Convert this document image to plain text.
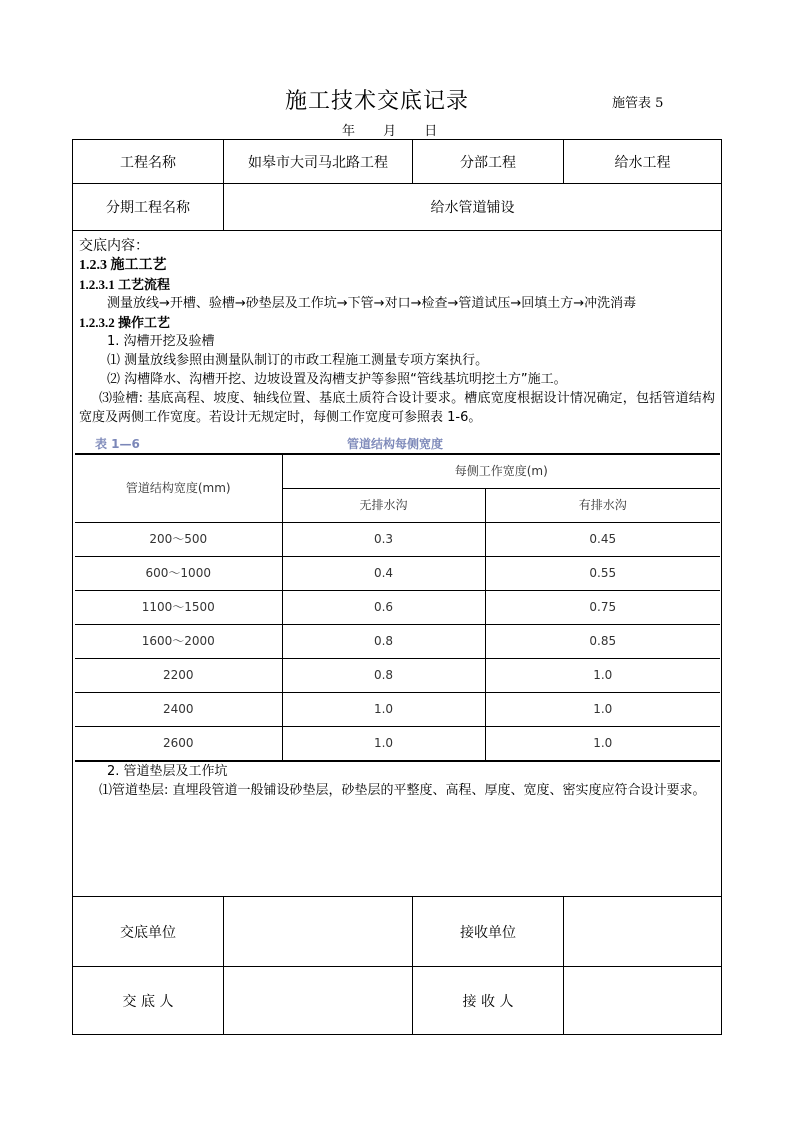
施工技术交底记录	施管表 5
年 月 日
工程名称	如皋市大司马北路工程	分部工程	给水工程
分期工程名称	给水管道铺设

交底内容：
1.2.3 施工工艺
1.2.3.1 工艺流程
测量放线→开槽、验槽→砂垫层及工作坑→下管→对口→检查→管道试压→回填土方→冲洗消毒
1.2.3.2 操作工艺
1. 沟槽开挖及验槽
⑴ 测量放线参照由测量队制订的市政工程施工测量专项方案执行。
⑵ 沟槽降水、沟槽开挖、边坡设置及沟槽支护等参照“管线基坑明挖土方”施工。
⑶验槽: 基底高程、坡度、轴线位置、基底土质符合设计要求。槽底宽度根据设计情况确定，包括管道结构宽度及两侧工作宽度。若设计无规定时，每侧工作宽度可参照表 1-6。
表 1—6	管道结构每侧宽度
管道结构宽度(mm)	每侧工作宽度(m)
无排水沟	有排水沟
200～500	0.3	0.45
600～1000	0.4	0.55
1100～1500	0.6	0.75
1600～2000	0.8	0.85
2200	0.8	1.0
2400	1.0	1.0
2600	1.0	1.0
2. 管道垫层及工作坑
⑴管道垫层: 直埋段管道一般铺设砂垫层，砂垫层的平整度、高程、厚度、宽度、密实度应符合设计要求。

交底单位		接收单位	
交 底 人		接 收 人	
